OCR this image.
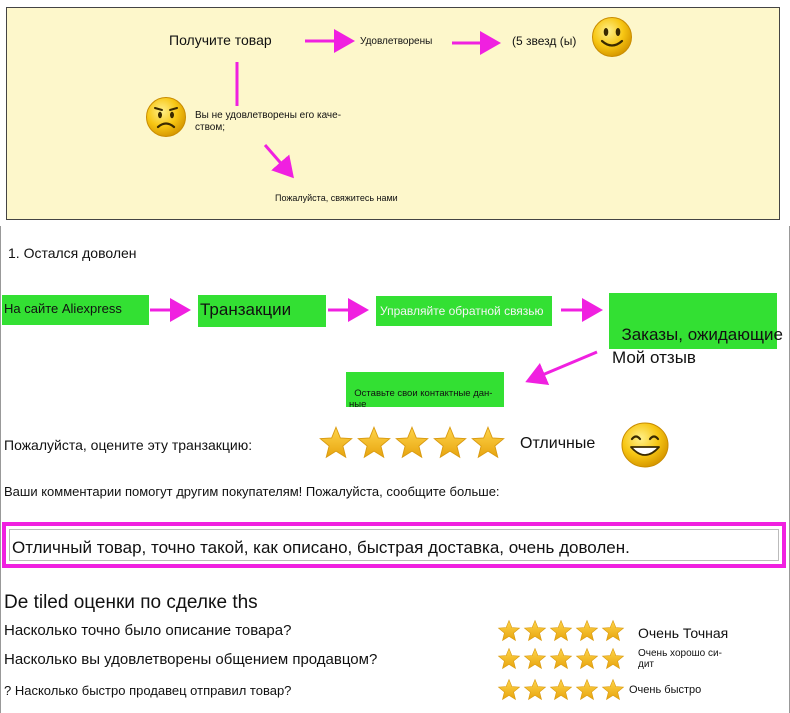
Получите товар	Удовлетворены	(5 звезд (ы)
Вы не удовлетворены его каче-
ством;
Пожалуйста, свяжитесь нами
1. Остался доволен
На сайте Aliexpress	Транзакции	Управляйте обратной связью

Заказы, ожидающие
Мой отзыв

Оставьте свои контактные дан-
ные

Пожалуйста, оцените эту транзакцию:	Отличные
Ваши комментарии помогут другим покупателям! Пожалуйста, сообщите больше:
Отличный товар, точно такой, как описано, быстрая доставка, очень доволен.
De tiled оценки по сделке ths
Насколько точно было описание товара?	Очень Точная
Насколько вы удовлетворены общением продавцом?	Очень хорошо си-
дит
? Насколько быстро продавец отправил товар?	Очень быстро
